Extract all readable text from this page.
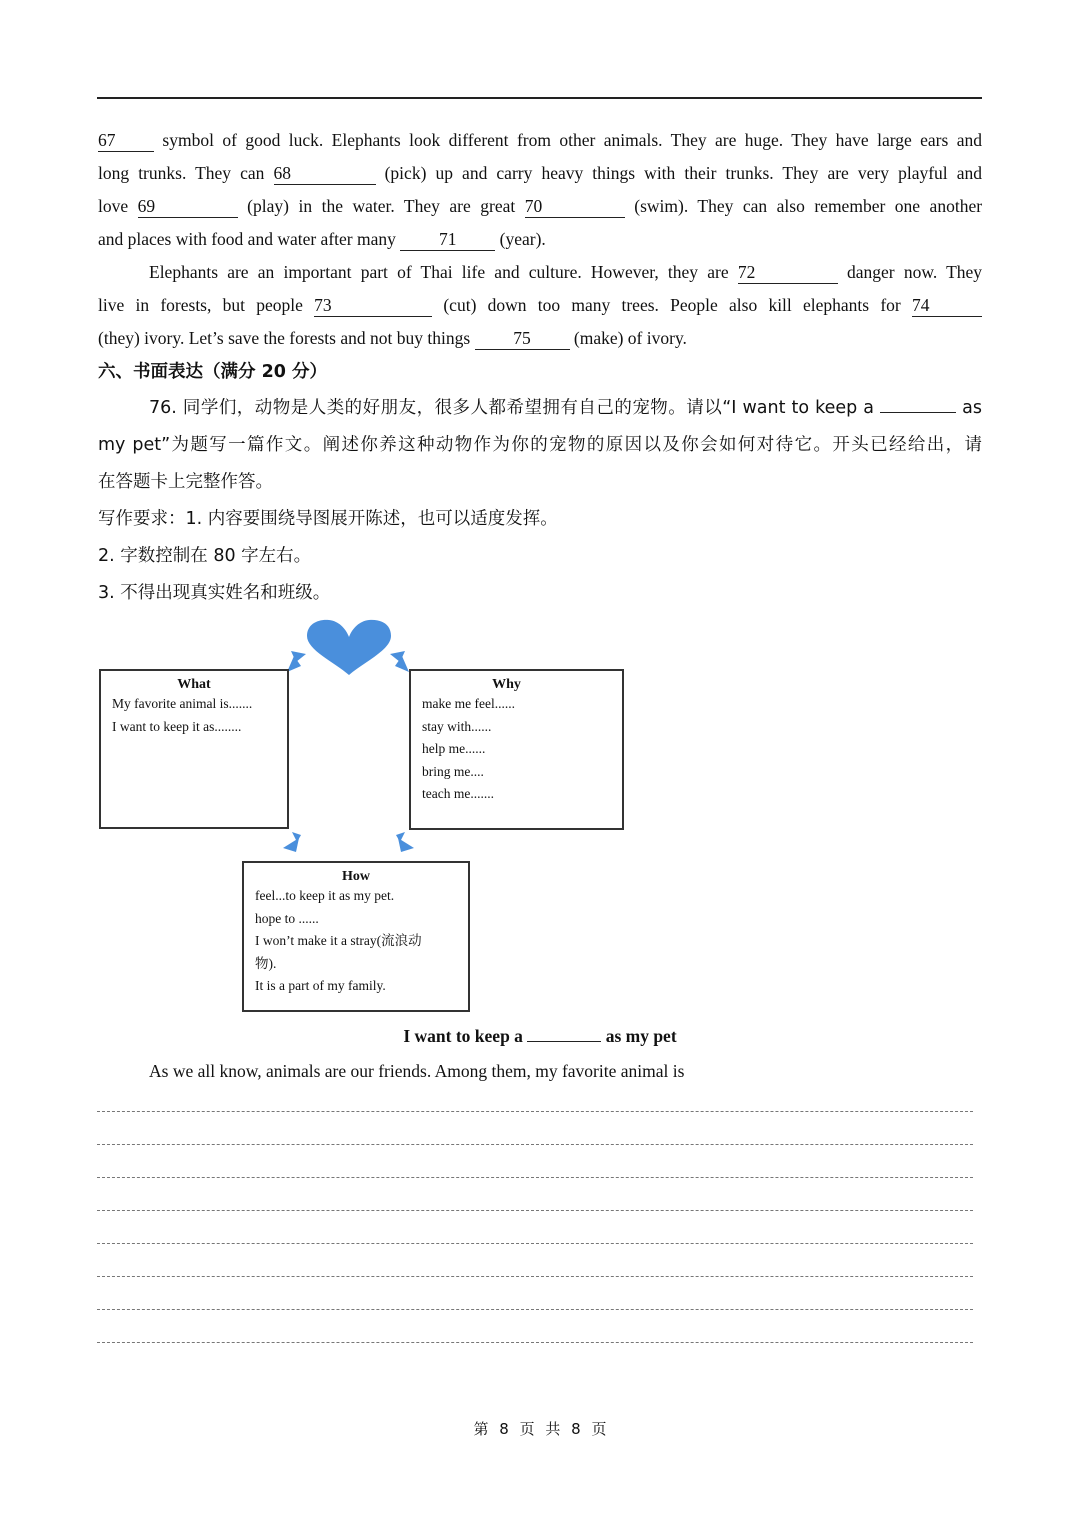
67	symbol of good luck. Elephants look different from other animals. They are huge. They have large ears and
long trunks. They can 68	(pick) up and carry heavy things with their trunks. They are very playful and
love 69	(play) in the water. They are great 70	(swim). They can also remember one another
and places with food and water after many 71 (year).
Elephants are an important part of Thai life and culture. However, they are 72	danger now. They
live in forests, but people 73	(cut) down too many trees. People also kill elephants for 74
(they) ivory. Let’s save the forests and not buy things 75 (make) of ivory.
六、书面表达（满分 20 分）
76. 同学们，动物是人类的好朋友，很多人都希望拥有自己的宠物。请以“I want to keep a	as
my pet”为题写一篇作文。阐述你养这种动物作为你的宠物的原因以及你会如何对待它。开头已经给出，请
在答题卡上完整作答。
写作要求：1. 内容要围绕导图展开陈述，也可以适度发挥。
2. 字数控制在 80 字左右。
3. 不得出现真实姓名和班级。
What
My favorite animal is.......
I want to keep it as........
Why
make me feel......
stay with......
help me......
bring me....
teach me.......
How
feel...to keep it as my pet.
hope to ......
I won’t make it a stray(流浪动
物).
It is a part of my family.
I want to keep a	as my pet
As we all know, animals are our friends. Among them, my favorite animal is
第 8 页 共 8 页
